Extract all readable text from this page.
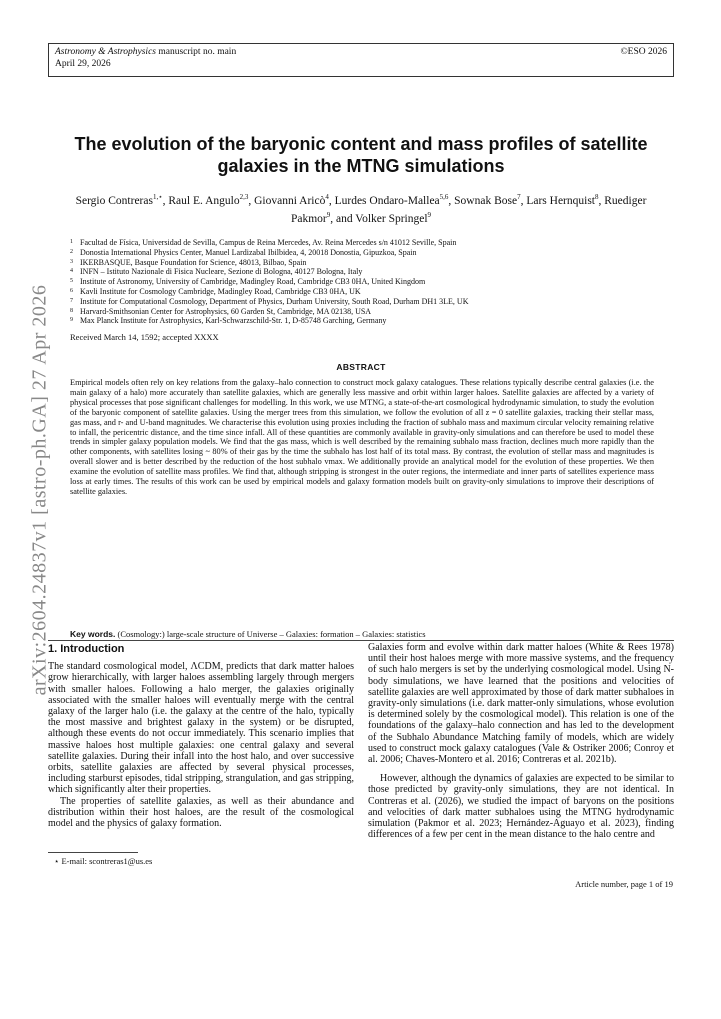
Astronomy & Astrophysics manuscript no. main	©ESO 2026
April 29, 2026
arXiv:2604.24837v1 [astro-ph.GA] 27 Apr 2026
The evolution of the baryonic content and mass profiles of satellite galaxies in the MTNG simulations
Sergio Contreras$^{1,⋆}$, Raul E. Angulo$^{2,3}$, Giovanni Aricò$^4$, Lurdes Ondaro-Mallea$^{5,6}$, Sownak Bose$^7$, Lars Hernquist$^8$, Ruediger Pakmor$^9$, and Volker Springel$^9$
1 Facultad de Física, Universidad de Sevilla, Campus de Reina Mercedes, Av. Reina Mercedes s/n 41012 Seville, Spain
2 Donostia International Physics Center, Manuel Lardizabal Ibilbidea, 4, 20018 Donostia, Gipuzkoa, Spain
3 IKERBASQUE, Basque Foundation for Science, 48013, Bilbao, Spain
4 INFN – Istituto Nazionale di Fisica Nucleare, Sezione di Bologna, 40127 Bologna, Italy
5 Institute of Astronomy, University of Cambridge, Madingley Road, Cambridge CB3 0HA, United Kingdom
6 Kavli Institute for Cosmology Cambridge, Madingley Road, Cambridge CB3 0HA, UK
7 Institute for Computational Cosmology, Department of Physics, Durham University, South Road, Durham DH1 3LE, UK
8 Harvard-Smithsonian Center for Astrophysics, 60 Garden St, Cambridge, MA 02138, USA
9 Max Planck Institute for Astrophysics, Karl-Schwarzschild-Str. 1, D-85748 Garching, Germany
Received March 14, 1592; accepted XXXX
ABSTRACT
Empirical models often rely on key relations from the galaxy–halo connection to construct mock galaxy catalogues. These relations typically describe central galaxies (i.e. the main galaxy of a halo) more accurately than satellite galaxies, which are generally less massive and orbit within larger haloes. Satellite galaxies are affected by a variety of physical processes that pose significant challenges for modelling. In this work, we use MTNG, a state-of-the-art cosmological hydrodynamic simulation, to study the evolution of the baryonic component of satellite galaxies. Using the merger trees from this simulation, we follow the evolution of all z = 0 satellite galaxies, tracking their stellar mass, gas mass, and r- and U-band magnitudes. We characterise this evolution using proxies including the fraction of subhalo mass and maximum circular velocity remaining relative to infall, the pericentric distance, and the time since infall. All of these quantities are commonly available in gravity-only simulations and can therefore be used to model these trends in simpler galaxy population models. We find that the gas mass, which is well described by the remaining subhalo mass fraction, declines much more rapidly than the other components, with satellites losing ~ 80% of their gas by the time the subhalo has lost half of its total mass. By contrast, the evolution of stellar mass and magnitudes is overall slower and is better described by the reduction of the host subhalo vmax. We additionally provide an analytical model for the evolution of these properties. We then examine the evolution of satellite mass profiles. We find that, although stripping is strongest in the outer regions, the intermediate and inner parts of satellites experience mass loss at early times. The results of this work can be used by empirical models and galaxy formation models built on gravity-only simulations to improve their descriptions of satellite galaxies.
Key words. (Cosmology:) large-scale structure of Universe – Galaxies: formation – Galaxies: statistics
1. Introduction

The standard cosmological model, ΛCDM, predicts that dark matter haloes grow hierarchically, with larger haloes assembling largely through mergers with smaller haloes. Following a halo merger, the galaxies originally associated with the smaller haloes will eventually merge with the central galaxy of the larger halo (i.e. the galaxy at the centre of the halo, typically the most massive and brightest galaxy in the system) or be disrupted, although these events do not occur immediately. This scenario implies that massive haloes host multiple galaxies: one central galaxy and several satellite galaxies. During their infall into the host halo, and over successive orbits, satellite galaxies are affected by several physical processes, including starburst episodes, tidal stripping, strangulation, and gas stripping, which significantly alter their properties.

The properties of satellite galaxies, as well as their abundance and distribution within their host haloes, are the result of the cosmological model and the physics of galaxy formation.

Galaxies form and evolve within dark matter haloes (White & Rees 1978) until their host haloes merge with more massive systems, and the frequency of such halo mergers is set by the underlying cosmological model. Using N-body simulations, we have learned that the positions and velocities of satellite galaxies are well approximated by those of dark matter subhaloes in gravity-only simulations (i.e. dark matter-only simulations, whose evolution is determined solely by the cosmological model). This relation is one of the foundations of the galaxy–halo connection and has led to the development of the Subhalo Abundance Matching family of models, which are widely used to construct mock galaxy catalogues (Vale & Ostriker 2006; Conroy et al. 2006; Chaves-Montero et al. 2016; Contreras et al. 2021b).

However, although the dynamics of galaxies are expected to be similar to those predicted by gravity-only simulations, they are not identical. In Contreras et al. (2026), we studied the impact of baryons on the positions and velocities of dark matter subhaloes using the MTNG hydrodynamic simulation (Pakmor et al. 2023; Hernández-Aguayo et al. 2023), finding differences of a few per cent in the mean distance to the halo centre and

⋆ E-mail: scontreras1@us.es
Article number, page 1 of 19
